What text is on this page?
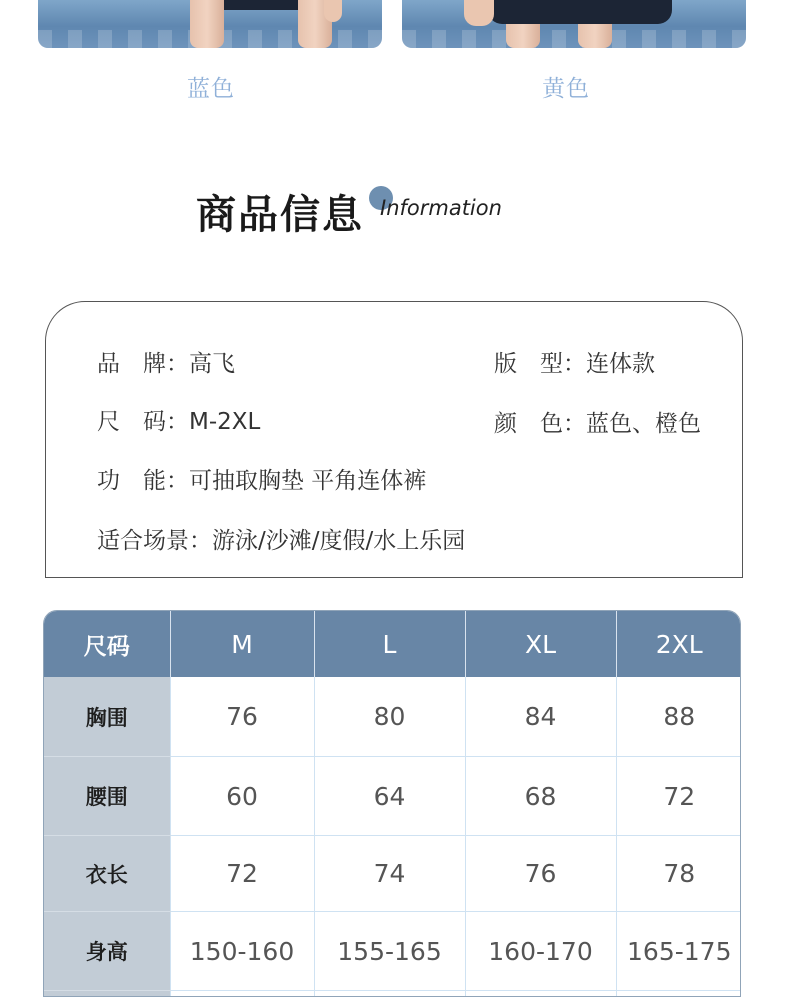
蓝色	黄色
商品信息 Information
品　牌：高飞	版　型：连体款
尺　码：M-2XL	颜　色：蓝色、橙色
功　能：可抽取胸垫 平角连体裤
适合场景：游泳/沙滩/度假/水上乐园
尺码	M	L	XL	2XL
胸围	76	80	84	88
腰围	60	64	68	72
衣长	72	74	76	78
身高	150-160	155-165	160-170	165-175
